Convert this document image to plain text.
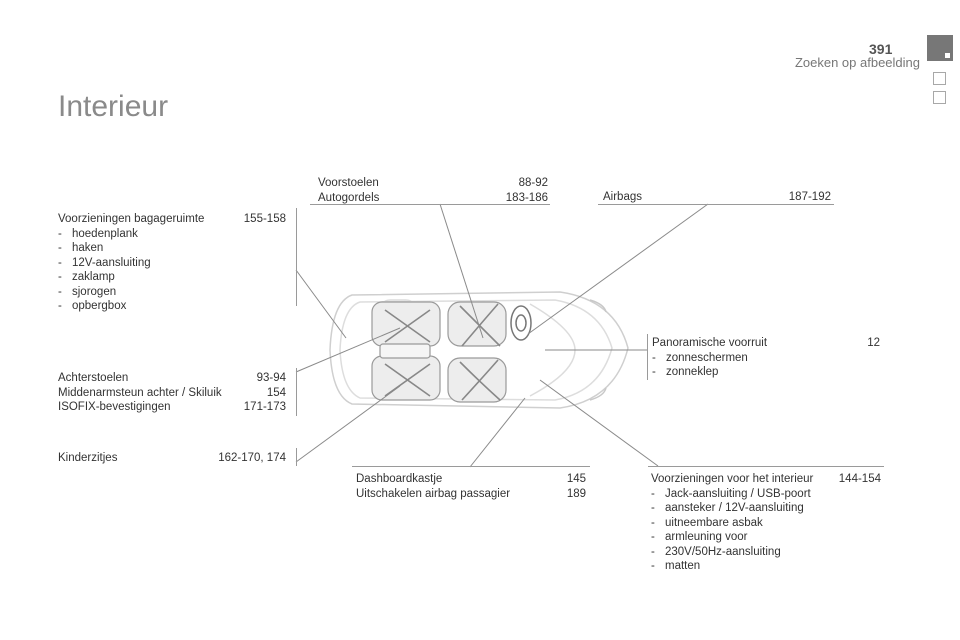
391
Zoeken op afbeelding
Interieur
Voorstoelen	88-92
Autogordels	183-186	Airbags	187-192
Voorzieningen bagageruimte	155-158
- hoedenplank
- haken
- 12V-aansluiting
- zaklamp
- sjorogen
- opbergbox
Achterstoelen	93-94
Middenarmsteun achter / Skiluik	154
ISOFIX-bevestigingen	171-173
Kinderzitjes	162-170, 174
Panoramische voorruit	12
- zonneschermen
- zonneklep
Dashboardkastje	145
Uitschakelen airbag passagier	189
Voorzieningen voor het interieur	144-154
- Jack-aansluiting / USB-poort
- aansteker / 12V-aansluiting
- uitneembare asbak
- armleuning voor
- 230V/50Hz-aansluiting
- matten
